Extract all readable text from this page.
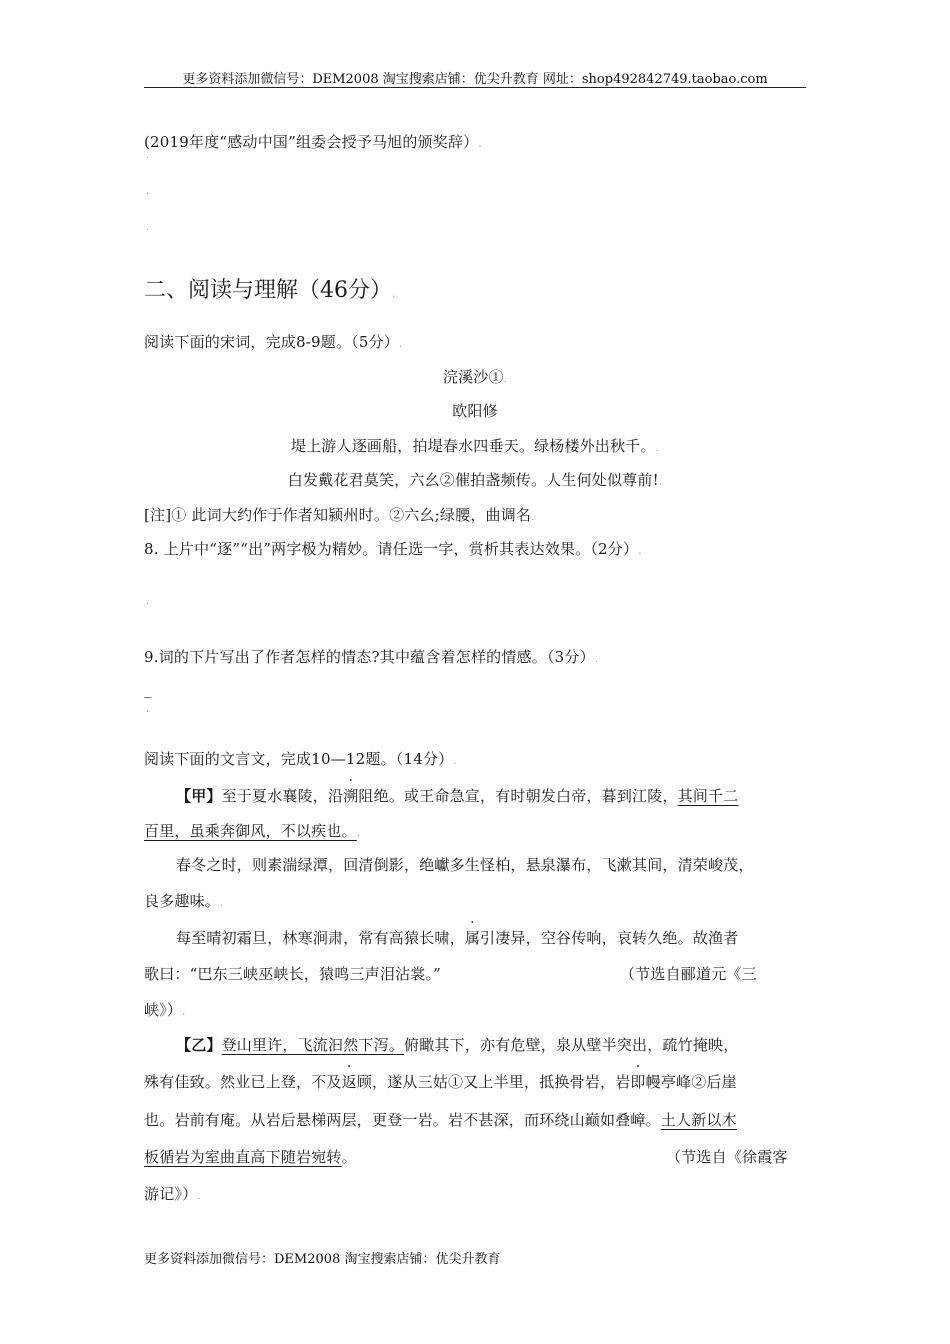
更多资料添加微信号：DEM2008 淘宝搜索店铺：优尖升教育 网址：shop492842749.taobao.com
(2019年度“感动中国”组委会授予马旭的颁奖辞）.
.
.
.
二、阅读与理解（46分）.
阅读下面的宋词，完成8-9题。（5分）.
浣溪沙①.
欧阳修
堤上游人逐画船，拍堤春水四垂天。绿杨楼外出秋千。.
白发戴花君莫笑，六幺②催拍盏频传。人生何处似尊前!.
[注]① 此词大约作于作者知颍州时。②六幺;绿腰，曲调名.
8. 上片中“逐”“出”两字极为精妙。请任选一字，赏析其表达效果。（2分）.
.
9.词的下片写出了作者怎样的情态?其中蕴含着怎样的情感。（3分）.
_
.
阅读下面的文言文，完成10—12题。（14分）.
【甲】至于夏水襄陵，沿溯阻绝。或王命急宣，有时朝发白帝，暮到江陵，其间千二
百里，虽乘奔御风，不以疾也。.
春冬之时，则素湍绿潭，回清倒影，绝巘多生怪柏，悬泉瀑布，飞漱其间，清荣峻茂，
良多趣味。.
每至晴初霜旦，林寒涧肃，常有高猿长啸，属引凄异，空谷传响，哀转久绝。故渔者
歌曰：“巴东三峡巫峡长，猿鸣三声泪沾裳。”	（节选自郦道元《三
峡》）.
【乙】登山里许，飞流汩然下泻。俯瞰其下，亦有危壁，泉从壁半突出，疏竹掩映，
殊有佳致。然业已上登，不及返顾，遂从三姑①又上半里，抵换骨岩，岩即幔亭峰②后崖
也。岩前有庵。从岩后悬梯两层，更登一岩。岩不甚深，而环绕山巅如叠嶂。土人新以木
板循岩为室曲直高下随岩宛转。	（节选自《徐霞客
游记》）.
更多资料添加微信号：DEM2008 淘宝搜索店铺：优尖升教育
